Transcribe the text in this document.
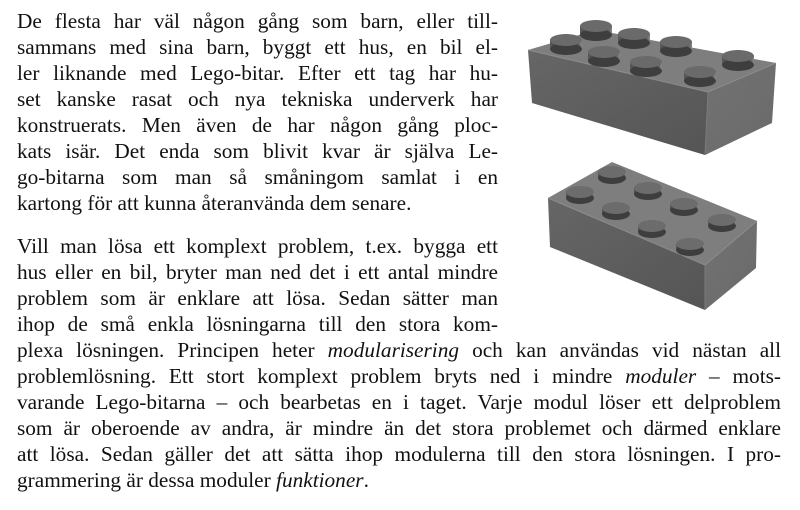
De flesta har väl någon gång som barn, eller till-
sammans med sina barn, byggt ett hus, en bil el-
ler liknande med Lego-bitar. Efter ett tag har hu-
set kanske rasat och nya tekniska underverk har
konstruerats. Men även de har någon gång ploc-
kats isär. Det enda som blivit kvar är själva Le-
go-bitarna som man så småningom samlat i en
kartong för att kunna återanvända dem senare.
Vill man lösa ett komplext problem, t.ex. bygga ett
hus eller en bil, bryter man ned det i ett antal mindre
problem som är enklare att lösa. Sedan sätter man
ihop de små enkla lösningarna till den stora kom-
plexa lösningen. Principen heter modularisering och kan användas vid nästan all
problemlösning. Ett stort komplext problem bryts ned i mindre moduler – mots-
varande Lego-bitarna – och bearbetas en i taget. Varje modul löser ett delproblem
som är oberoende av andra, är mindre än det stora problemet och därmed enklare
att lösa. Sedan gäller det att sätta ihop modulerna till den stora lösningen. I pro-
grammering är dessa moduler funktioner.
